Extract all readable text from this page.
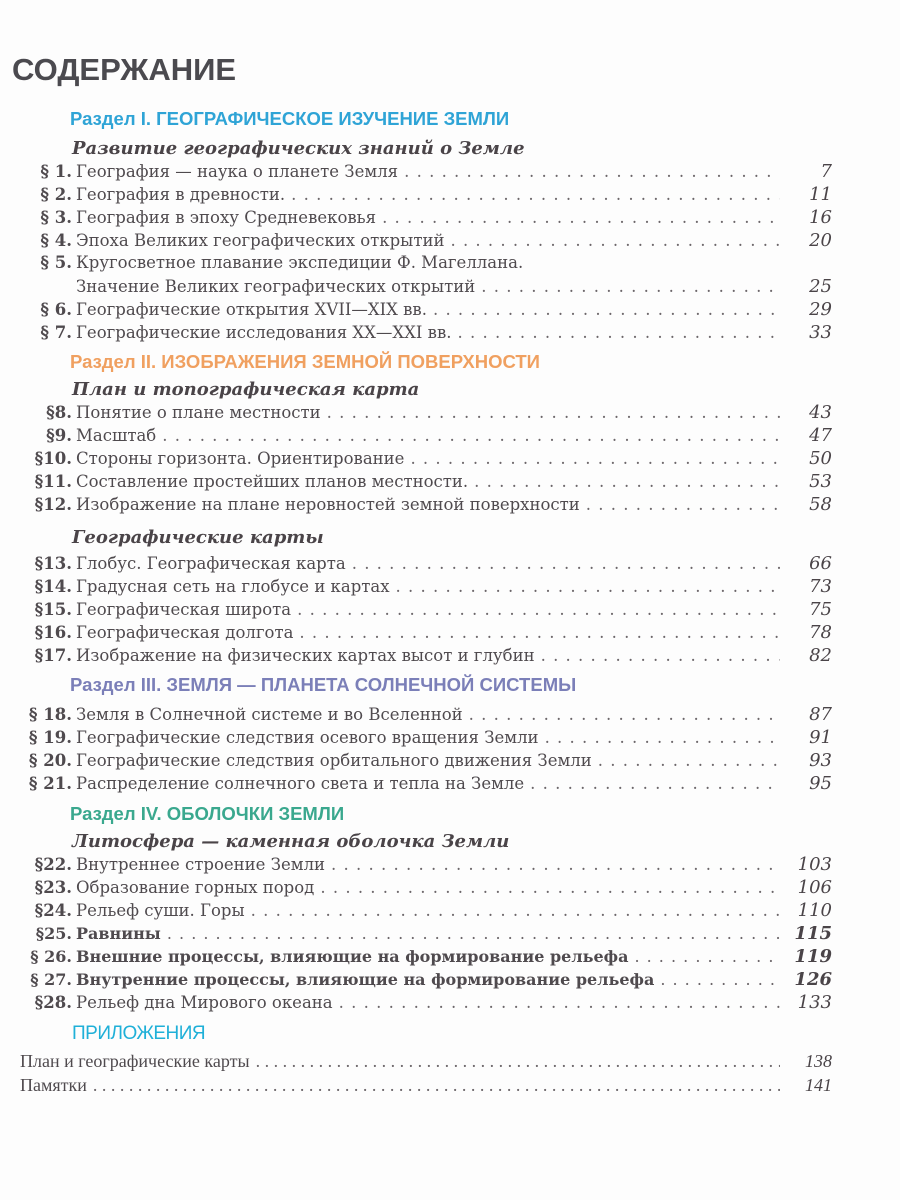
СОДЕРЖАНИЕ
Раздел I. ГЕОГРАФИЧЕСКОЕ ИЗУЧЕНИЕ ЗЕМЛИ
Развитие географических знаний о Земле
§ 1. География — наука о планете Земля . . .	7
§ 2. География в древности. . . .	11
§ 3. География в эпоху Средневековья . . .	16
§ 4. Эпоха Великих географических открытий . . .	20
§ 5. Кругосветное плавание экспедиции Ф. Магеллана.
Значение Великих географических открытий . . .	25
§ 6. Географические открытия XVII—XIX вв. . . .	29
§ 7. Географические исследования XX—XXI вв. . . .	33
Раздел II. ИЗОБРАЖЕНИЯ ЗЕМНОЙ ПОВЕРХНОСТИ
План и топографическая карта
§8. Понятие о плане местности . . .	43
§9. Масштаб . . .	47
§10. Стороны горизонта. Ориентирование . . .	50
§11. Составление простейших планов местности. . . .	53
§12. Изображение на плане неровностей земной поверхности . . .	58
Географические карты
§13. Глобус. Географическая карта . . .	66
§14. Градусная сеть на глобусе и картах . . .	73
§15. Географическая широта . . .	75
§16. Географическая долгота . . .	78
§17. Изображение на физических картах высот и глубин . . .	82
Раздел III. ЗЕМЛЯ — ПЛАНЕТА СОЛНЕЧНОЙ СИСТЕМЫ
§ 18. Земля в Солнечной системе и во Вселенной . . .	87
§ 19. Географические следствия осевого вращения Земли . . .	91
§ 20. Географические следствия орбитального движения Земли . . .	93
§ 21. Распределение солнечного света и тепла на Земле . . .	95
Раздел IV. ОБОЛОЧКИ ЗЕМЛИ
Литосфера — каменная оболочка Земли
§22. Внутреннее строение Земли . . .	103
§23. Образование горных пород . . .	106
§24. Рельеф суши. Горы . . .	110
§25. Равнины . . .	115
§ 26. Внешние процессы, влияющие на формирование рельефа . . .	119
§ 27. Внутренние процессы, влияющие на формирование рельефа . . .	126
§28. Рельеф дна Мирового океана . . .	133
ПРИЛОЖЕНИЯ
План и географические карты . . .	138
Памятки . . .	141
